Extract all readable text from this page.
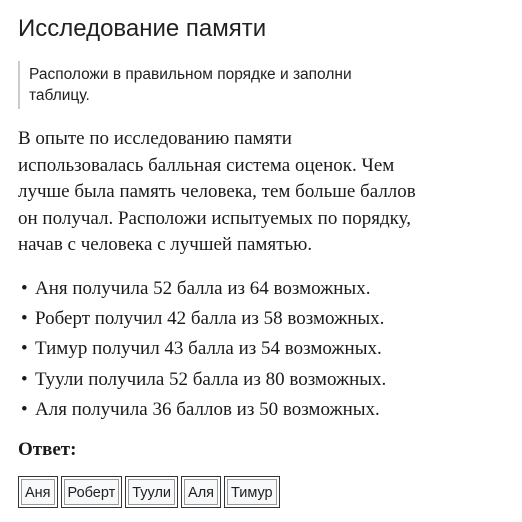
Исследование памяти
Расположи в правильном порядке и заполни таблицу.
В опыте по исследованию памяти использовалась балльная система оценок. Чем лучше была память человека, тем больше баллов он получал. Расположи испытуемых по порядку, начав с человека с лучшей памятью.
• Аня получила 52 балла из 64 возможных.
• Роберт получил 42 балла из 58 возможных.
• Тимур получил 43 балла из 54 возможных.
• Туули получила 52 балла из 80 возможных.
• Аля получила 36 баллов из 50 возможных.
Ответ:
Аня	Роберт	Туули	Аля	Тимур
